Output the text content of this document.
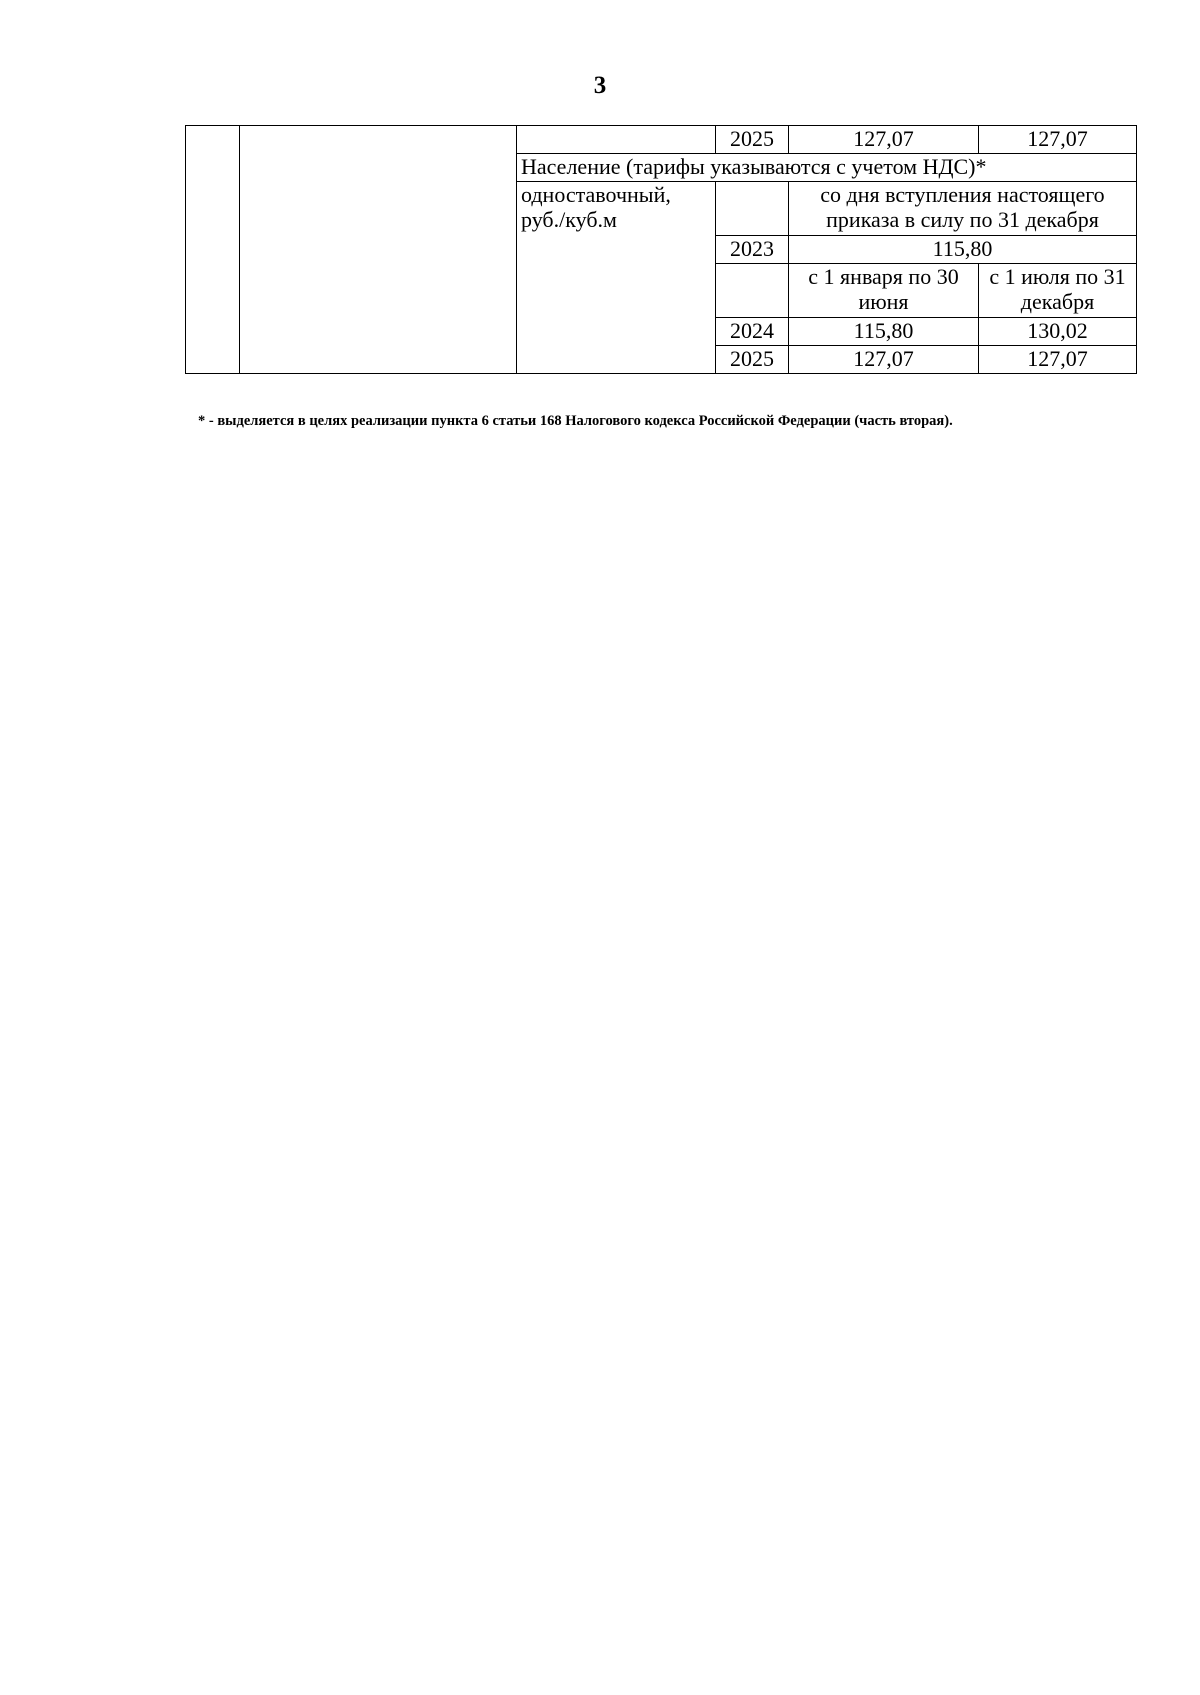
3
			2025	127,07	127,07
		Население (тарифы указываются с учетом НДС)*			
		одноставочный, руб./куб.м		со дня вступления настоящего приказа в силу по 31 декабря	
			2023	115,80	
				с 1 января по 30 июня	с 1 июля по 31 декабря
			2024	115,80	130,02
			2025	127,07	127,07
* - выделяется в целях реализации пункта 6 статьи 168 Налогового кодекса Российской Федерации (часть вторая).
